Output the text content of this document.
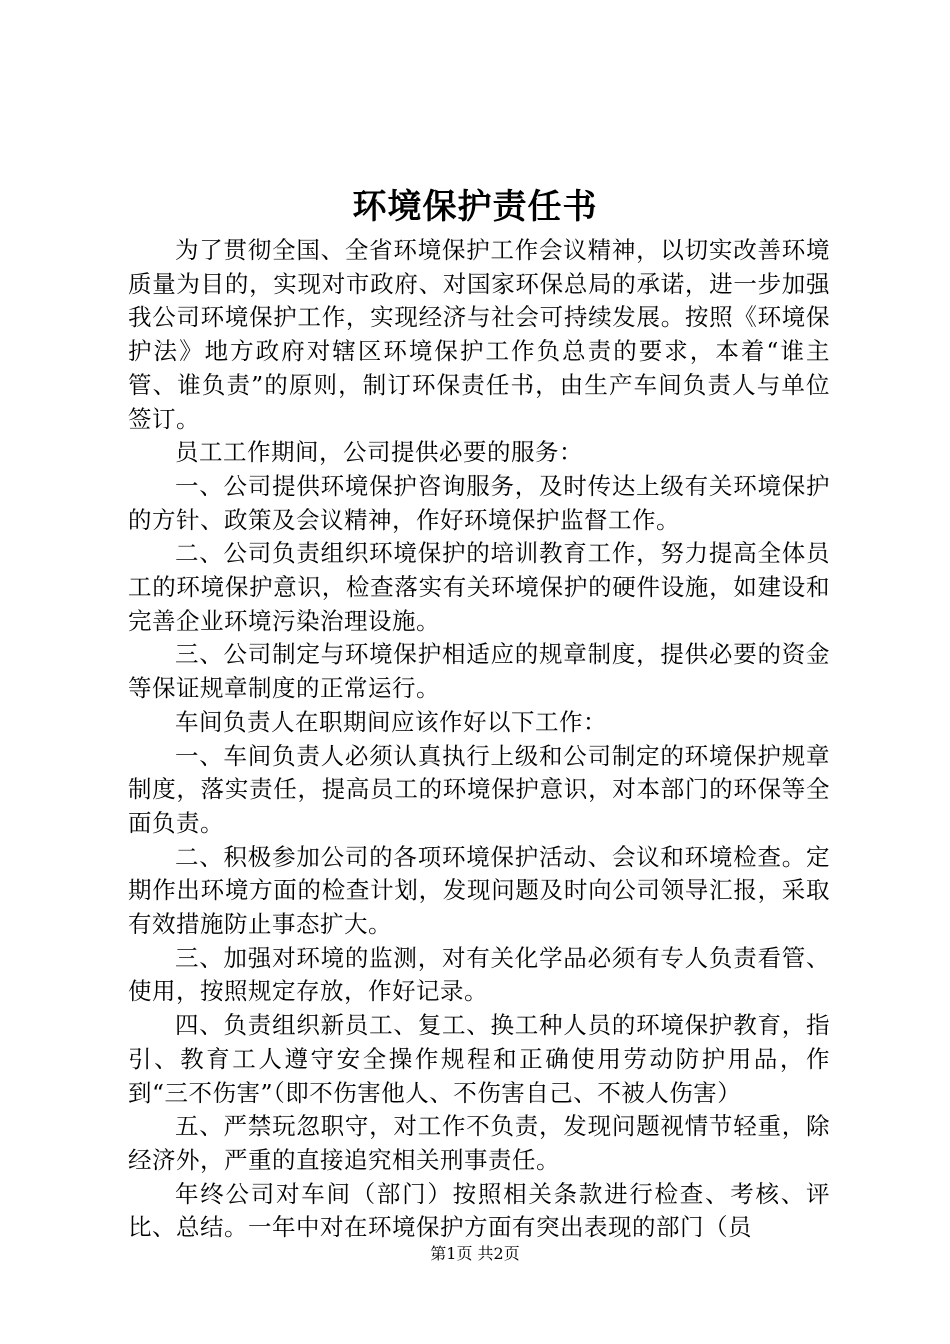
环境保护责任书

为了贯彻全国、全省环境保护工作会议精神，以切实改善环境质量为目的，实现对市政府、对国家环保总局的承诺，进一步加强我公司环境保护工作，实现经济与社会可持续发展。按照《环境保护法》地方政府对辖区环境保护工作负总责的要求，本着“谁主管、谁负责”的原则，制订环保责任书，由生产车间负责人与单位签订。

员工工作期间，公司提供必要的服务：

一、公司提供环境保护咨询服务，及时传达上级有关环境保护的方针、政策及会议精神，作好环境保护监督工作。

二、公司负责组织环境保护的培训教育工作，努力提高全体员工的环境保护意识，检查落实有关环境保护的硬件设施，如建设和完善企业环境污染治理设施。

三、公司制定与环境保护相适应的规章制度，提供必要的资金等保证规章制度的正常运行。

车间负责人在职期间应该作好以下工作：

一、车间负责人必须认真执行上级和公司制定的环境保护规章制度，落实责任，提高员工的环境保护意识，对本部门的环保等全面负责。

二、积极参加公司的各项环境保护活动、会议和环境检查。定期作出环境方面的检查计划，发现问题及时向公司领导汇报，采取有效措施防止事态扩大。

三、加强对环境的监测，对有关化学品必须有专人负责看管、使用，按照规定存放，作好记录。

四、负责组织新员工、复工、换工种人员的环境保护教育，指引、教育工人遵守安全操作规程和正确使用劳动防护用品，作到“三不伤害”（即不伤害他人、不伤害自己、不被人伤害）

五、严禁玩忽职守，对工作不负责，发现问题视情节轻重，除经济外，严重的直接追究相关刑事责任。

年终公司对车间（部门）按照相关条款进行检查、考核、评比、总结。一年中对在环境保护方面有突出表现的部门（员

第1页 共2页
